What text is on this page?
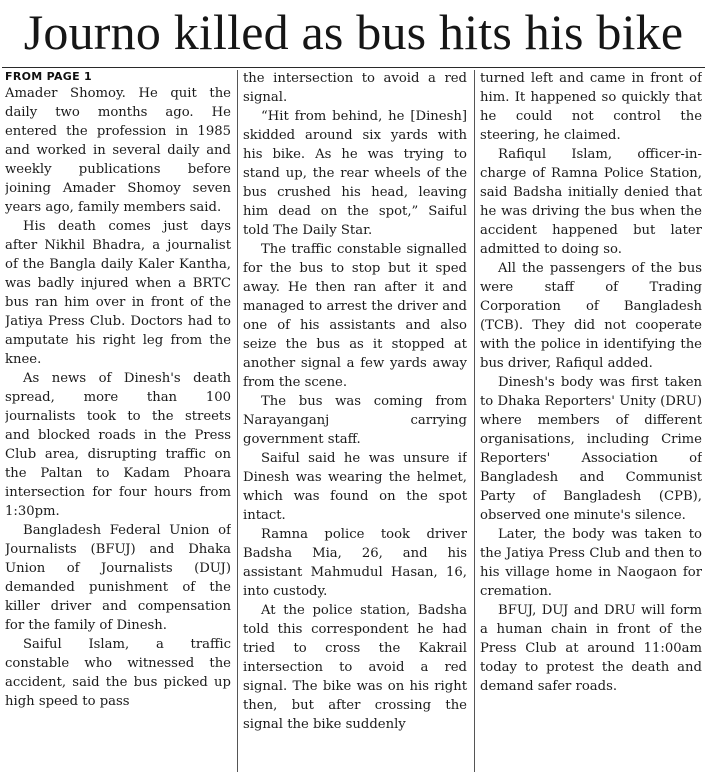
Journo killed as bus hits his bike
FROM PAGE 1

Amader Shomoy. He quit the daily two months ago. He entered the profession in 1985 and worked in several daily and weekly publications before joining Amader Shomoy seven years ago, family members said.

His death comes just days after Nikhil Bhadra, a journalist of the Bangla daily Kaler Kantha, was badly injured when a BRTC bus ran him over in front of the Jatiya Press Club. Doctors had to amputate his right leg from the knee.

As news of Dinesh's death spread, more than 100 journalists took to the streets and blocked roads in the Press Club area, disrupting traffic on the Paltan to Kadam Phoara intersection for four hours from 1:30pm.

Bangladesh Federal Union of Journalists (BFUJ) and Dhaka Union of Journalists (DUJ) demanded punishment of the killer driver and compensation for the family of Dinesh.

Saiful Islam, a traffic constable who witnessed the accident, said the bus picked up high speed to pass

the intersection to avoid a red signal.

“Hit from behind, he [Dinesh] skidded around six yards with his bike. As he was trying to stand up, the rear wheels of the bus crushed his head, leaving him dead on the spot,” Saiful told The Daily Star.

The traffic constable signalled for the bus to stop but it sped away. He then ran after it and managed to arrest the driver and one of his assistants and also seize the bus as it stopped at another signal a few yards away from the scene.

The bus was coming from Narayanganj carrying government staff.

Saiful said he was unsure if Dinesh was wearing the helmet, which was found on the spot intact.

Ramna police took driver Badsha Mia, 26, and his assistant Mahmudul Hasan, 16, into custody.

At the police station, Badsha told this correspondent he had tried to cross the Kakrail intersection to avoid a red signal. The bike was on his right then, but after crossing the signal the bike suddenly

turned left and came in front of him. It happened so quickly that he could not control the steering, he claimed.

Rafiqul Islam, officer-in-charge of Ramna Police Station, said Badsha initially denied that he was driving the bus when the accident happened but later admitted to doing so.

All the passengers of the bus were staff of Trading Corporation of Bangladesh (TCB). They did not cooperate with the police in identifying the bus driver, Rafiqul added.

Dinesh's body was first taken to Dhaka Reporters' Unity (DRU) where members of different organisations, including Crime Reporters' Association of Bangladesh and Communist Party of Bangladesh (CPB), observed one minute's silence.

Later, the body was taken to the Jatiya Press Club and then to his village home in Naogaon for cremation.

BFUJ, DUJ and DRU will form a human chain in front of the Press Club at around 11:00am today to protest the death and demand safer roads.
